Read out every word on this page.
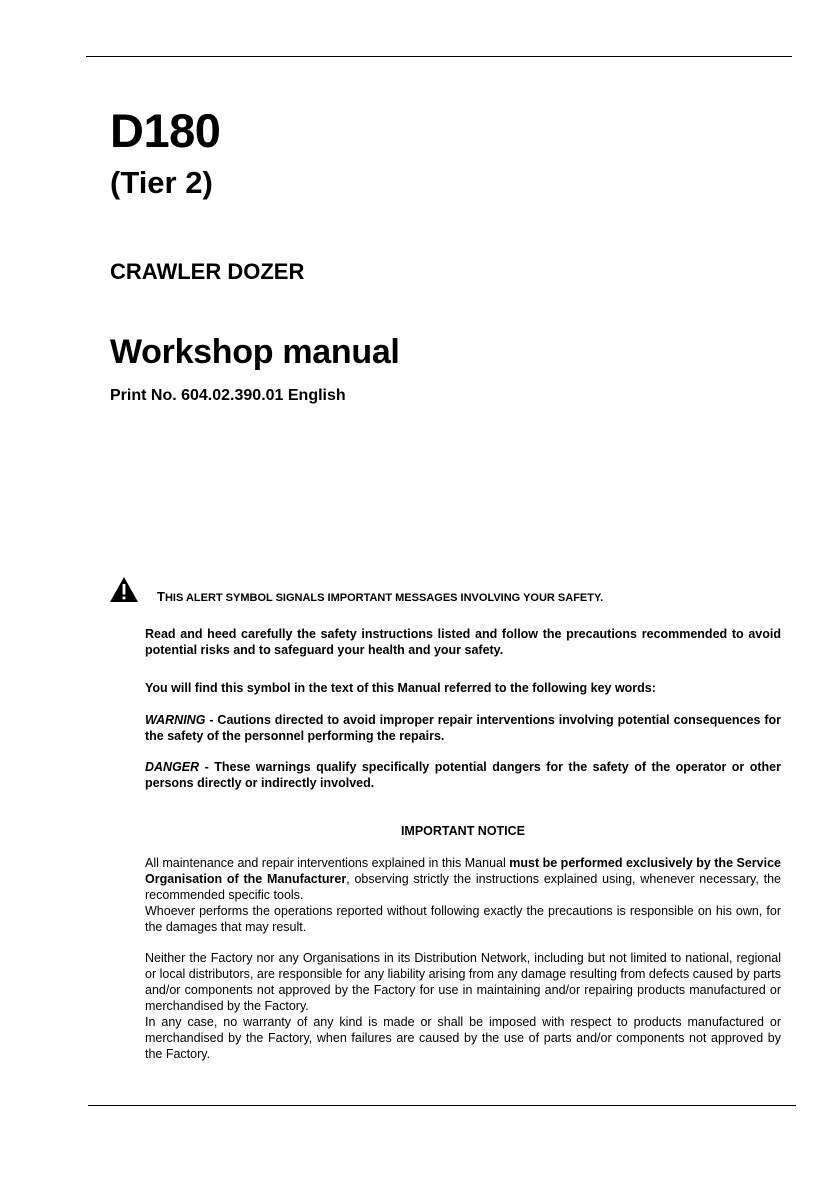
D180
(Tier 2)
CRAWLER DOZER
Workshop manual
Print No. 604.02.390.01 English
THIS ALERT SYMBOL SIGNALS IMPORTANT MESSAGES INVOLVING YOUR SAFETY.

Read and heed carefully the safety instructions listed and follow the precautions recommended to avoid potential risks and to safeguard your health and your safety.

You will find this symbol in the text of this Manual referred to the following key words:

WARNING - Cautions directed to avoid improper repair interventions involving potential consequences for the safety of the personnel performing the repairs.

DANGER - These warnings qualify specifically potential dangers for the safety of the operator or other persons directly or indirectly involved.

IMPORTANT NOTICE

All maintenance and repair interventions explained in this Manual must be performed exclusively by the Service Organisation of the Manufacturer, observing strictly the instructions explained using, whenever necessary, the recommended specific tools.

Whoever performs the operations reported without following exactly the precautions is responsible on his own, for the damages that may result.

Neither the Factory nor any Organisations in its Distribution Network, including but not limited to national, regional or local distributors, are responsible for any liability arising from any damage resulting from defects caused by parts and/or components not approved by the Factory for use in maintaining and/or repairing products manufactured or merchandised by the Factory.

In any case, no warranty of any kind is made or shall be imposed with respect to products manufactured or merchandised by the Factory, when failures are caused by the use of parts and/or components not approved by the Factory.
